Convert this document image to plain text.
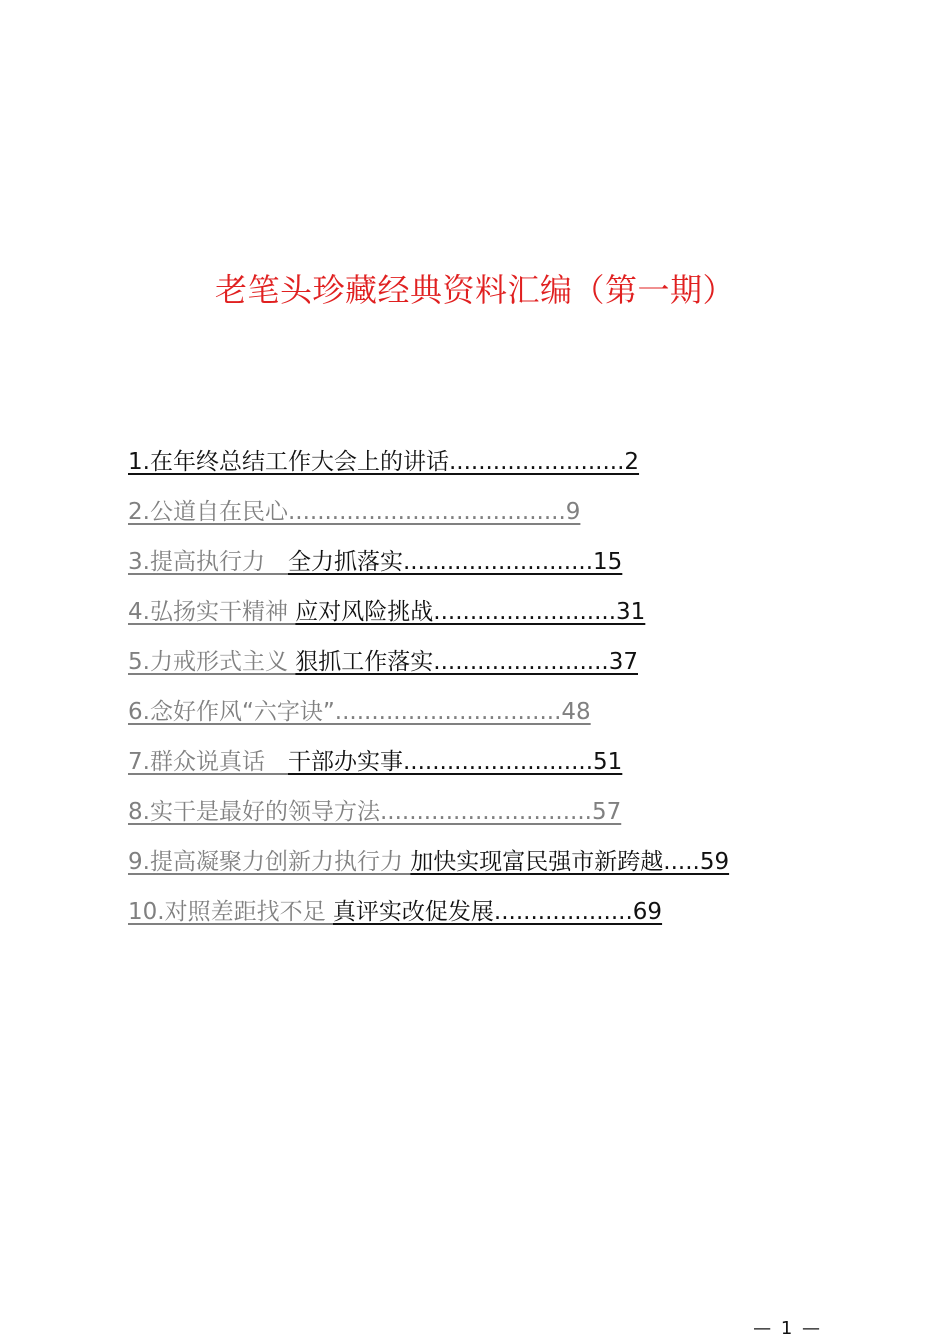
老笔头珍藏经典资料汇编（第一期）
1.在年终总结工作大会上的讲话........................2
2.公道自在民心......................................9
3.提高执行力　全力抓落实..........................15
4.弘扬实干精神 应对风险挑战.........................31
5.力戒形式主义 狠抓工作落实........................37
6.念好作风“六字诀”...............................48
7.群众说真话　干部办实事..........................51
8.实干是最好的领导方法.............................57
9.提高凝聚力创新力执行力 加快实现富民强市新跨越.....59
10.对照差距找不足 真评实改促发展...................69
— 1 —
